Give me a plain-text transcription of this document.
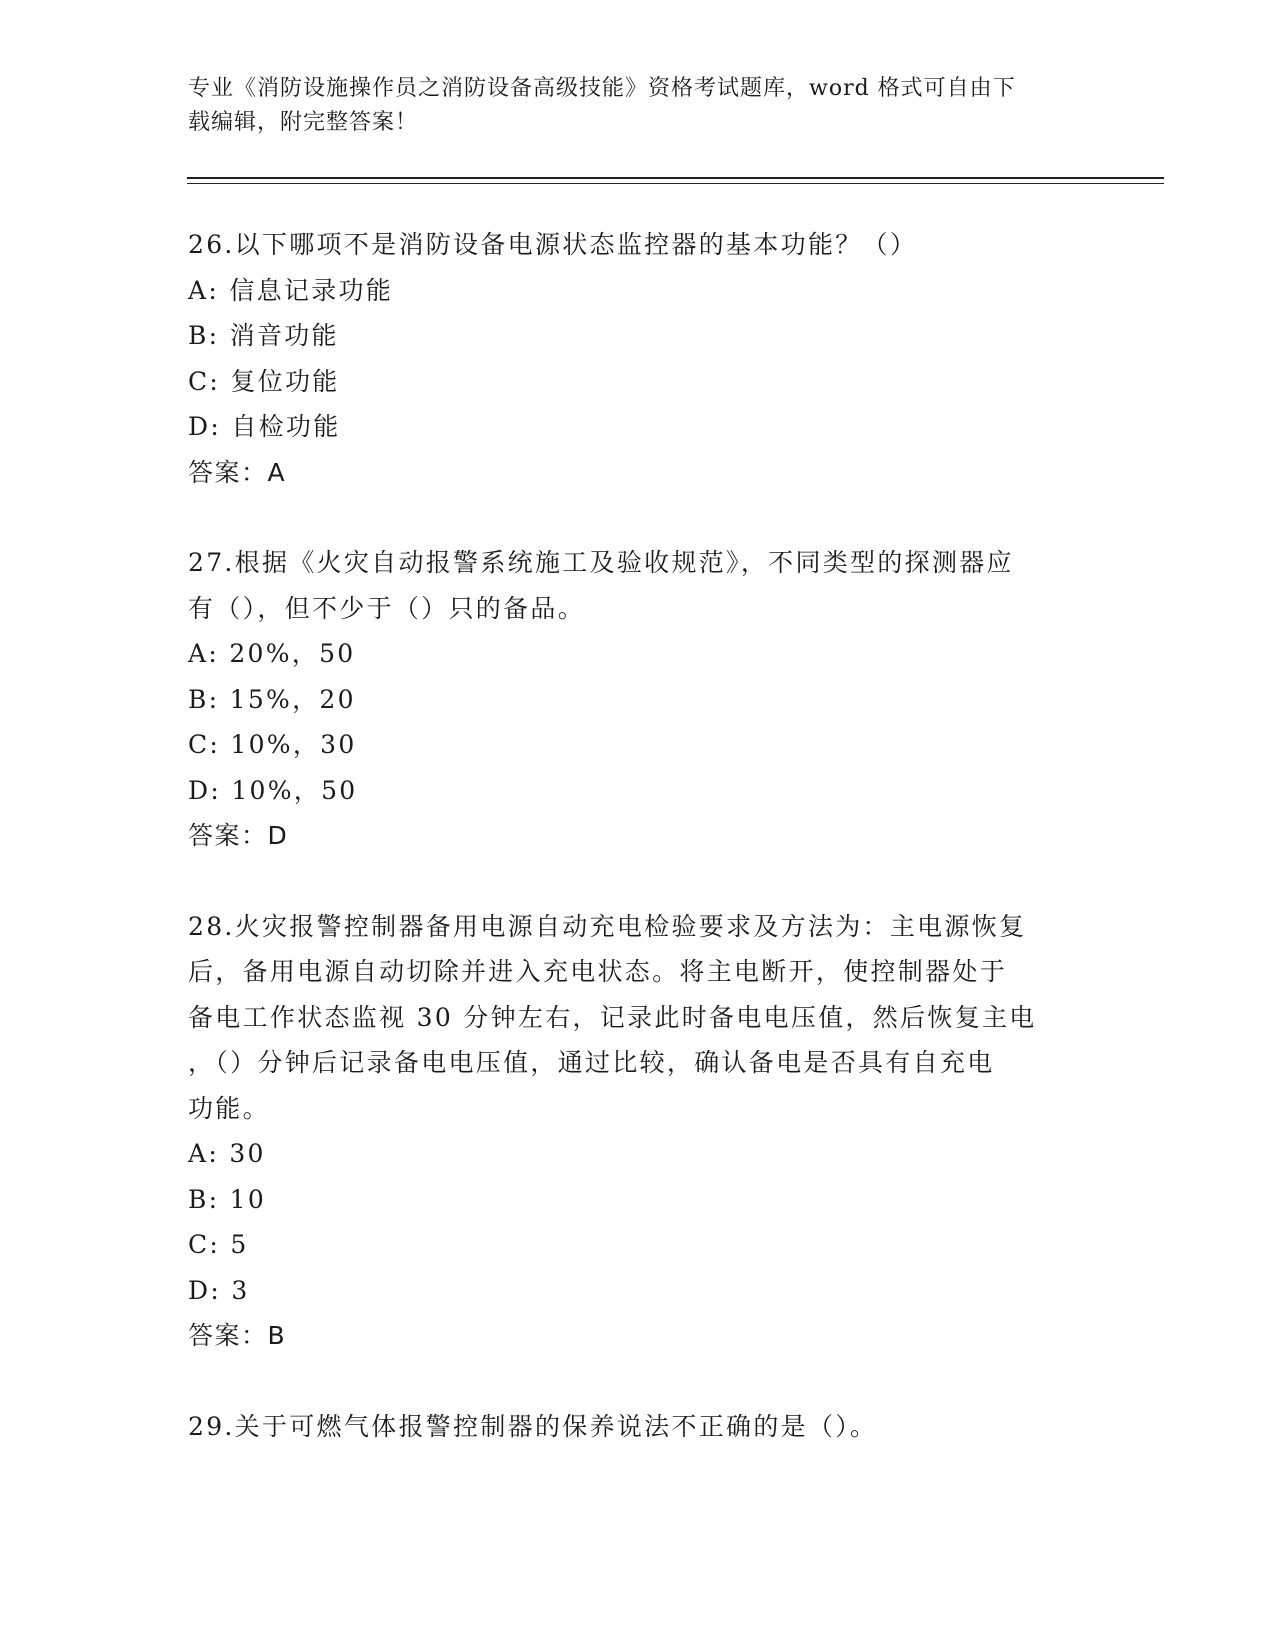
专业《消防设施操作员之消防设备高级技能》资格考试题库，word 格式可自由下
载编辑，附完整答案！
26.以下哪项不是消防设备电源状态监控器的基本功能？（）
A: 信息记录功能
B: 消音功能
C: 复位功能
D: 自检功能
答案：A
27.根据《火灾自动报警系统施工及验收规范》，不同类型的探测器应
有（），但不少于（）只的备品。
A: 20%，50
B: 15%，20
C: 10%，30
D: 10%，50
答案：D
28.火灾报警控制器备用电源自动充电检验要求及方法为：主电源恢复
后，备用电源自动切除并进入充电状态。将主电断开，使控制器处于
备电工作状态监视 30 分钟左右，记录此时备电电压值，然后恢复主电
，（）分钟后记录备电电压值，通过比较，确认备电是否具有自充电
功能。
A: 30
B: 10
C: 5
D: 3
答案：B
29.关于可燃气体报警控制器的保养说法不正确的是（）。
